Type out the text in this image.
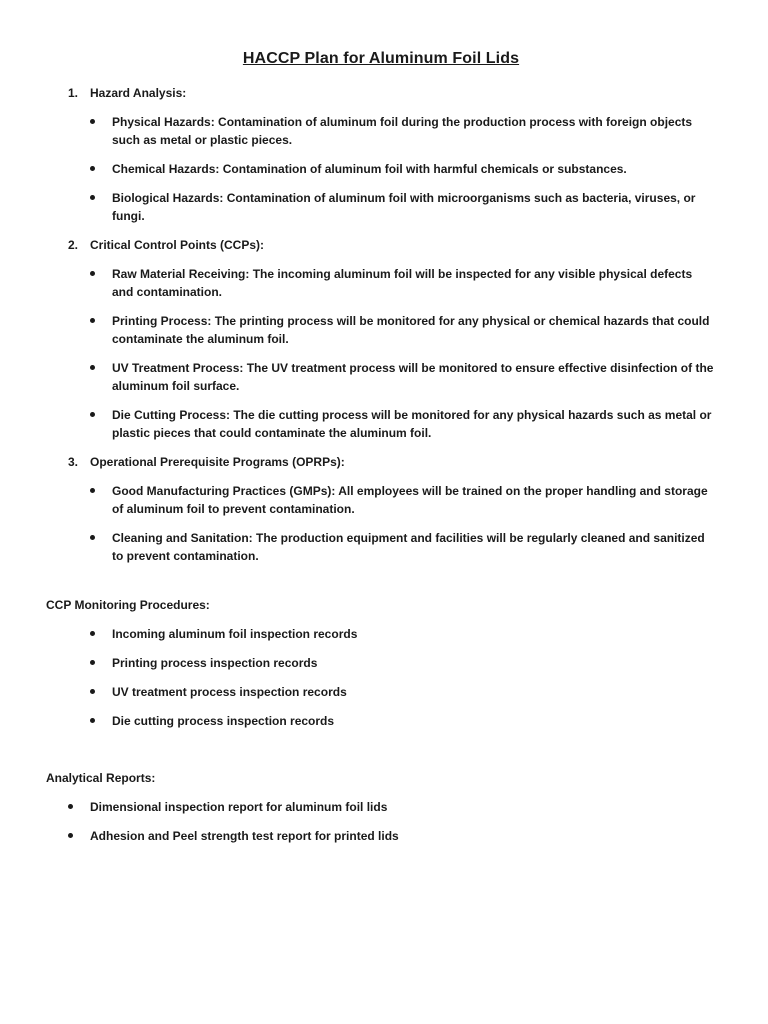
HACCP Plan for Aluminum Foil Lids
1. Hazard Analysis:
Physical Hazards: Contamination of aluminum foil during the production process with foreign objects such as metal or plastic pieces.
Chemical Hazards: Contamination of aluminum foil with harmful chemicals or substances.
Biological Hazards: Contamination of aluminum foil with microorganisms such as bacteria, viruses, or fungi.
2. Critical Control Points (CCPs):
Raw Material Receiving: The incoming aluminum foil will be inspected for any visible physical defects and contamination.
Printing Process: The printing process will be monitored for any physical or chemical hazards that could contaminate the aluminum foil.
UV Treatment Process: The UV treatment process will be monitored to ensure effective disinfection of the aluminum foil surface.
Die Cutting Process: The die cutting process will be monitored for any physical hazards such as metal or plastic pieces that could contaminate the aluminum foil.
3. Operational Prerequisite Programs (OPRPs):
Good Manufacturing Practices (GMPs): All employees will be trained on the proper handling and storage of aluminum foil to prevent contamination.
Cleaning and Sanitation: The production equipment and facilities will be regularly cleaned and sanitized to prevent contamination.
CCP Monitoring Procedures:
Incoming aluminum foil inspection records
Printing process inspection records
UV treatment process inspection records
Die cutting process inspection records
Analytical Reports:
Dimensional inspection report for aluminum foil lids
Adhesion and Peel strength test report for printed lids
